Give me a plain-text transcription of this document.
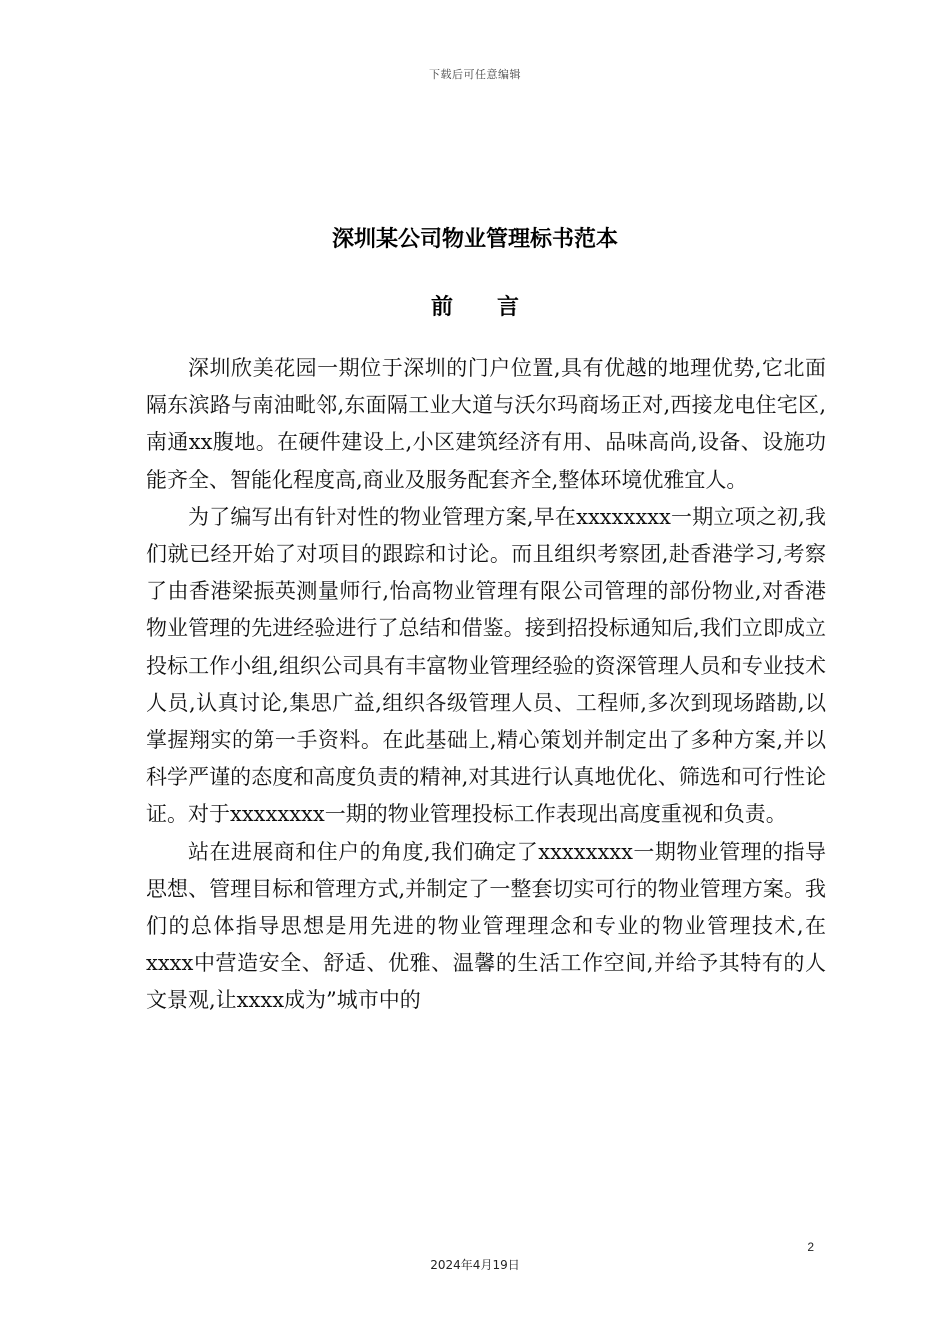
下载后可任意编辑
深圳某公司物业管理标书范本
前言

深圳欣美花园一期位于深圳的门户位置,具有优越的地理优势,它北面隔东滨路与南油毗邻,东面隔工业大道与沃尔玛商场正对,西接龙电住宅区,南通xx腹地。在硬件建设上,小区建筑经济有用、品味高尚,设备、设施功能齐全、智能化程度高,商业及服务配套齐全,整体环境优雅宜人。

为了编写出有针对性的物业管理方案,早在xxxxxxxx一期立项之初,我们就已经开始了对项目的跟踪和讨论。而且组织考察团,赴香港学习,考察了由香港梁振英测量师行,怡高物业管理有限公司管理的部份物业,对香港物业管理的先进经验进行了总结和借鉴。接到招投标通知后,我们立即成立投标工作小组,组织公司具有丰富物业管理经验的资深管理人员和专业技术人员,认真讨论,集思广益,组织各级管理人员、工程师,多次到现场踏勘,以掌握翔实的第一手资料。在此基础上,精心策划并制定出了多种方案,并以科学严谨的态度和高度负责的精神,对其进行认真地优化、筛选和可行性论证。对于xxxxxxxx一期的物业管理投标工作表现出高度重视和负责。

站在进展商和住户的角度,我们确定了xxxxxxxx一期物业管理的指导思想、管理目标和管理方式,并制定了一整套切实可行的物业管理方案。我们的总体指导思想是用先进的物业管理理念和专业的物业管理技术,在xxxx中营造安全、舒适、优雅、温馨的生活工作空间,并给予其特有的人文景观,让xxxx成为”城市中的

2
2024年4月19日
